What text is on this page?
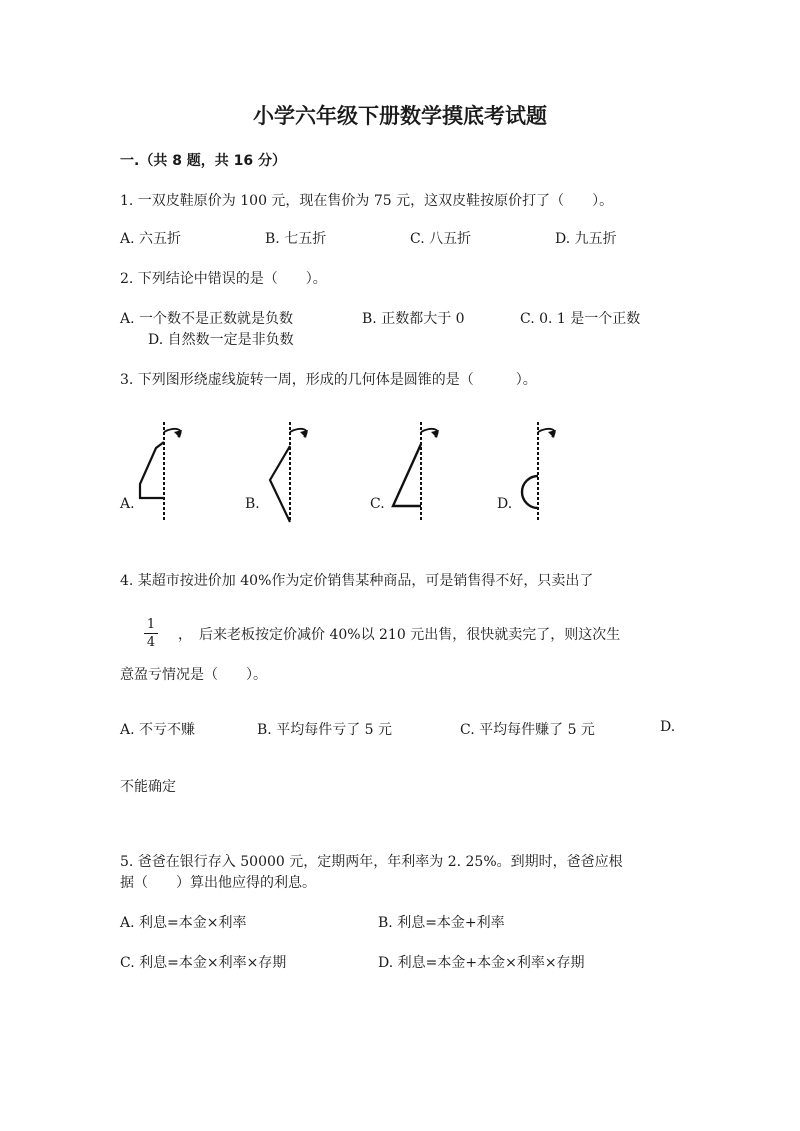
小学六年级下册数学摸底考试题
一.（共 8 题，共 16 分）
1. 一双皮鞋原价为 100 元，现在售价为 75 元，这双皮鞋按原价打了（　　）。
A. 六五折	B. 七五折	C. 八五折	D. 九五折
2. 下列结论中错误的是（　　）。
A. 一个数不是正数就是负数	B. 正数都大于 0	C. 0. 1 是一个正数
D. 自然数一定是非负数
3. 下列图形绕虚线旋转一周，形成的几何体是圆锥的是（　　　）。
A.	B.	C.	D.
4. 某超市按进价加 40%作为定价销售某种商品，可是销售得不好，只卖出了
1
4 ，　后来老板按定价减价 40%以 210 元出售，很快就卖完了，则这次生
意盈亏情况是（　　）。
A. 不亏不赚	B. 平均每件亏了 5 元	C. 平均每件赚了 5 元	D.
不能确定
5. 爸爸在银行存入 50000 元，定期两年，年利率为 2. 25%。到期时，爸爸应根
据（　　）算出他应得的利息。
A. 利息=本金×利率	B. 利息=本金+利率
C. 利息=本金×利率×存期	D. 利息=本金+本金×利率×存期
